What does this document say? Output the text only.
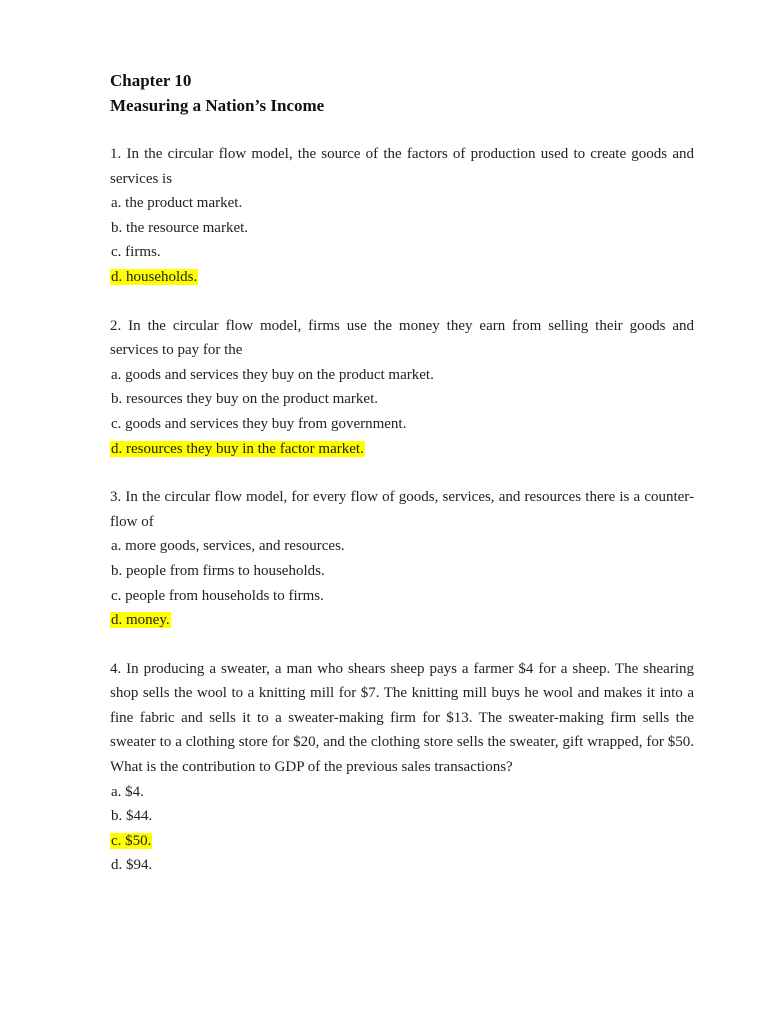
Chapter 10

Measuring a Nation’s Income

1. In the circular flow model, the source of the factors of production used to create goods and services is

a. the product market.

b. the resource market.

c. firms.

d. households.

2. In the circular flow model, firms use the money they earn from selling their goods and services to pay for the

a. goods and services they buy on the product market.

b. resources they buy on the product market.

c. goods and services they buy from government.

d. resources they buy in the factor market.

3. In the circular flow model, for every flow of goods, services, and resources there is a counter-flow of

a. more goods, services, and resources.

b. people from firms to households.

c. people from households to firms.

d. money.

4. In producing a sweater, a man who shears sheep pays a farmer $4 for a sheep. The shearing shop sells the wool to a knitting mill for $7. The knitting mill buys he wool and makes it into a fine fabric and sells it to a sweater-making firm for $13. The sweater-making firm sells the sweater to a clothing store for $20, and the clothing store sells the sweater, gift wrapped, for $50. What is the contribution to GDP of the previous sales transactions?

a. $4.

b. $44.

c. $50.

d. $94.
